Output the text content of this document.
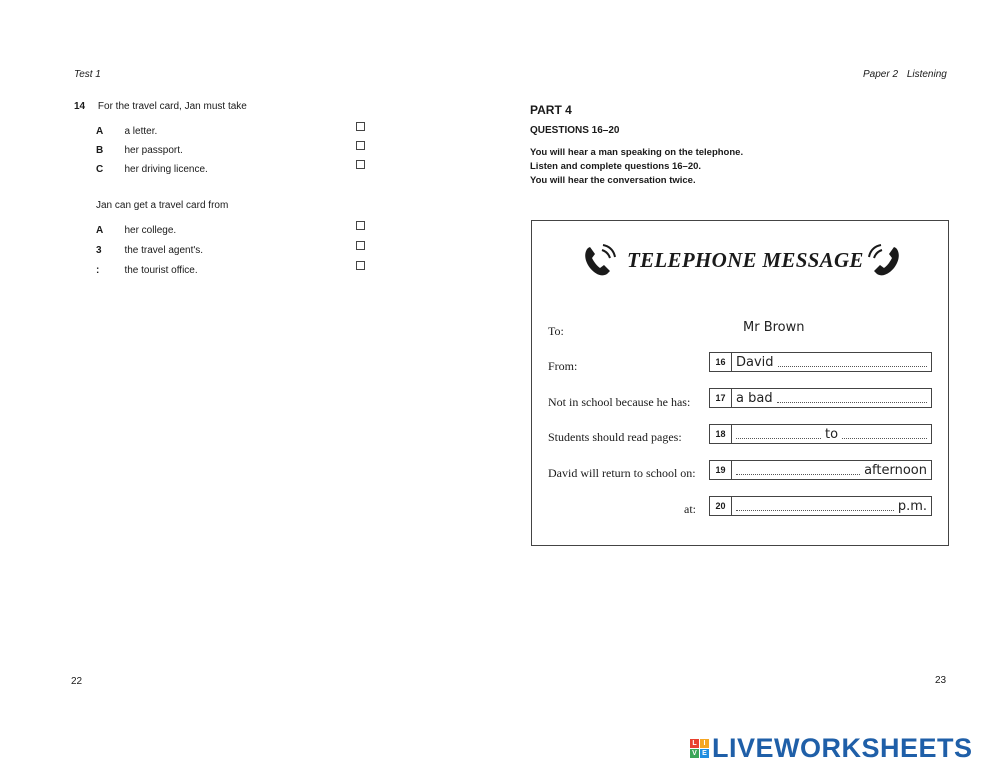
Test 1
14 For the travel card, Jan must take
A a letter.
B her passport.
C her driving licence.
Jan can get a travel card from
A her college.
3 the travel agent's.
:	the tourist office.
22
Paper 2 Listening
PART 4
QUESTIONS 16–20
You will hear a man speaking on the telephone.
Listen and complete questions 16–20.
You will hear the conversation twice.
TELEPHONE MESSAGE
To:	Mr Brown
From:	16 David
Not in school because he has:	17 a bad
Students should read pages:	18	to
David will return to school on:	19	afternoon
at:	20	p.m.
23
L I
V E LIVEWORKSHEETS
